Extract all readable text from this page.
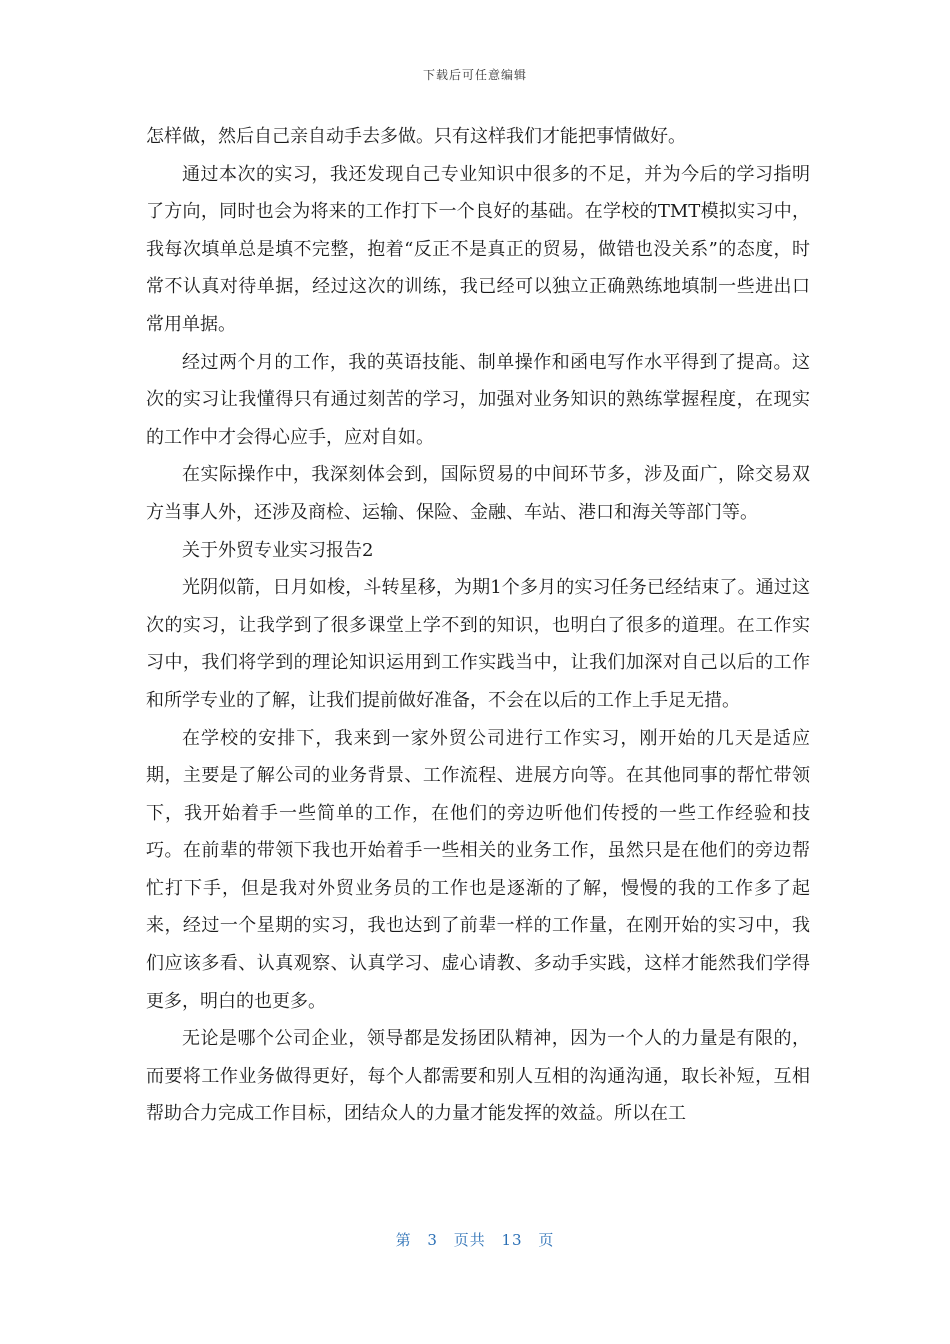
下载后可任意编辑

怎样做，然后自己亲自动手去多做。只有这样我们才能把事情做好。

通过本次的实习，我还发现自己专业知识中很多的不足，并为今后的学习指明了方向，同时也会为将来的工作打下一个良好的基础。在学校的TMT模拟实习中，我每次填单总是填不完整，抱着“反正不是真正的贸易，做错也没关系”的态度，时常不认真对待单据，经过这次的训练，我已经可以独立正确熟练地填制一些进出口常用单据。

经过两个月的工作，我的英语技能、制单操作和函电写作水平得到了提高。这次的实习让我懂得只有通过刻苦的学习，加强对业务知识的熟练掌握程度，在现实的工作中才会得心应手，应对自如。

在实际操作中，我深刻体会到，国际贸易的中间环节多，涉及面广，除交易双方当事人外，还涉及商检、运输、保险、金融、车站、港口和海关等部门等。

关于外贸专业实习报告2

光阴似箭，日月如梭，斗转星移，为期1个多月的实习任务已经结束了。通过这次的实习，让我学到了很多课堂上学不到的知识，也明白了很多的道理。在工作实习中，我们将学到的理论知识运用到工作实践当中，让我们加深对自己以后的工作和所学专业的了解，让我们提前做好准备，不会在以后的工作上手足无措。

在学校的安排下，我来到一家外贸公司进行工作实习，刚开始的几天是适应期，主要是了解公司的业务背景、工作流程、进展方向等。在其他同事的帮忙带领下，我开始着手一些简单的工作，在他们的旁边听他们传授的一些工作经验和技巧。在前辈的带领下我也开始着手一些相关的业务工作，虽然只是在他们的旁边帮忙打下手，但是我对外贸业务员的工作也是逐渐的了解，慢慢的我的工作多了起来，经过一个星期的实习，我也达到了前辈一样的工作量，在刚开始的实习中，我们应该多看、认真观察、认真学习、虚心请教、多动手实践，这样才能然我们学得更多，明白的也更多。

无论是哪个公司企业，领导都是发扬团队精神，因为一个人的力量是有限的，而要将工作业务做得更好，每个人都需要和别人互相的沟通沟通，取长补短，互相帮助合力完成工作目标，团结众人的力量才能发挥的效益。所以在工

第 3 页共 13 页
